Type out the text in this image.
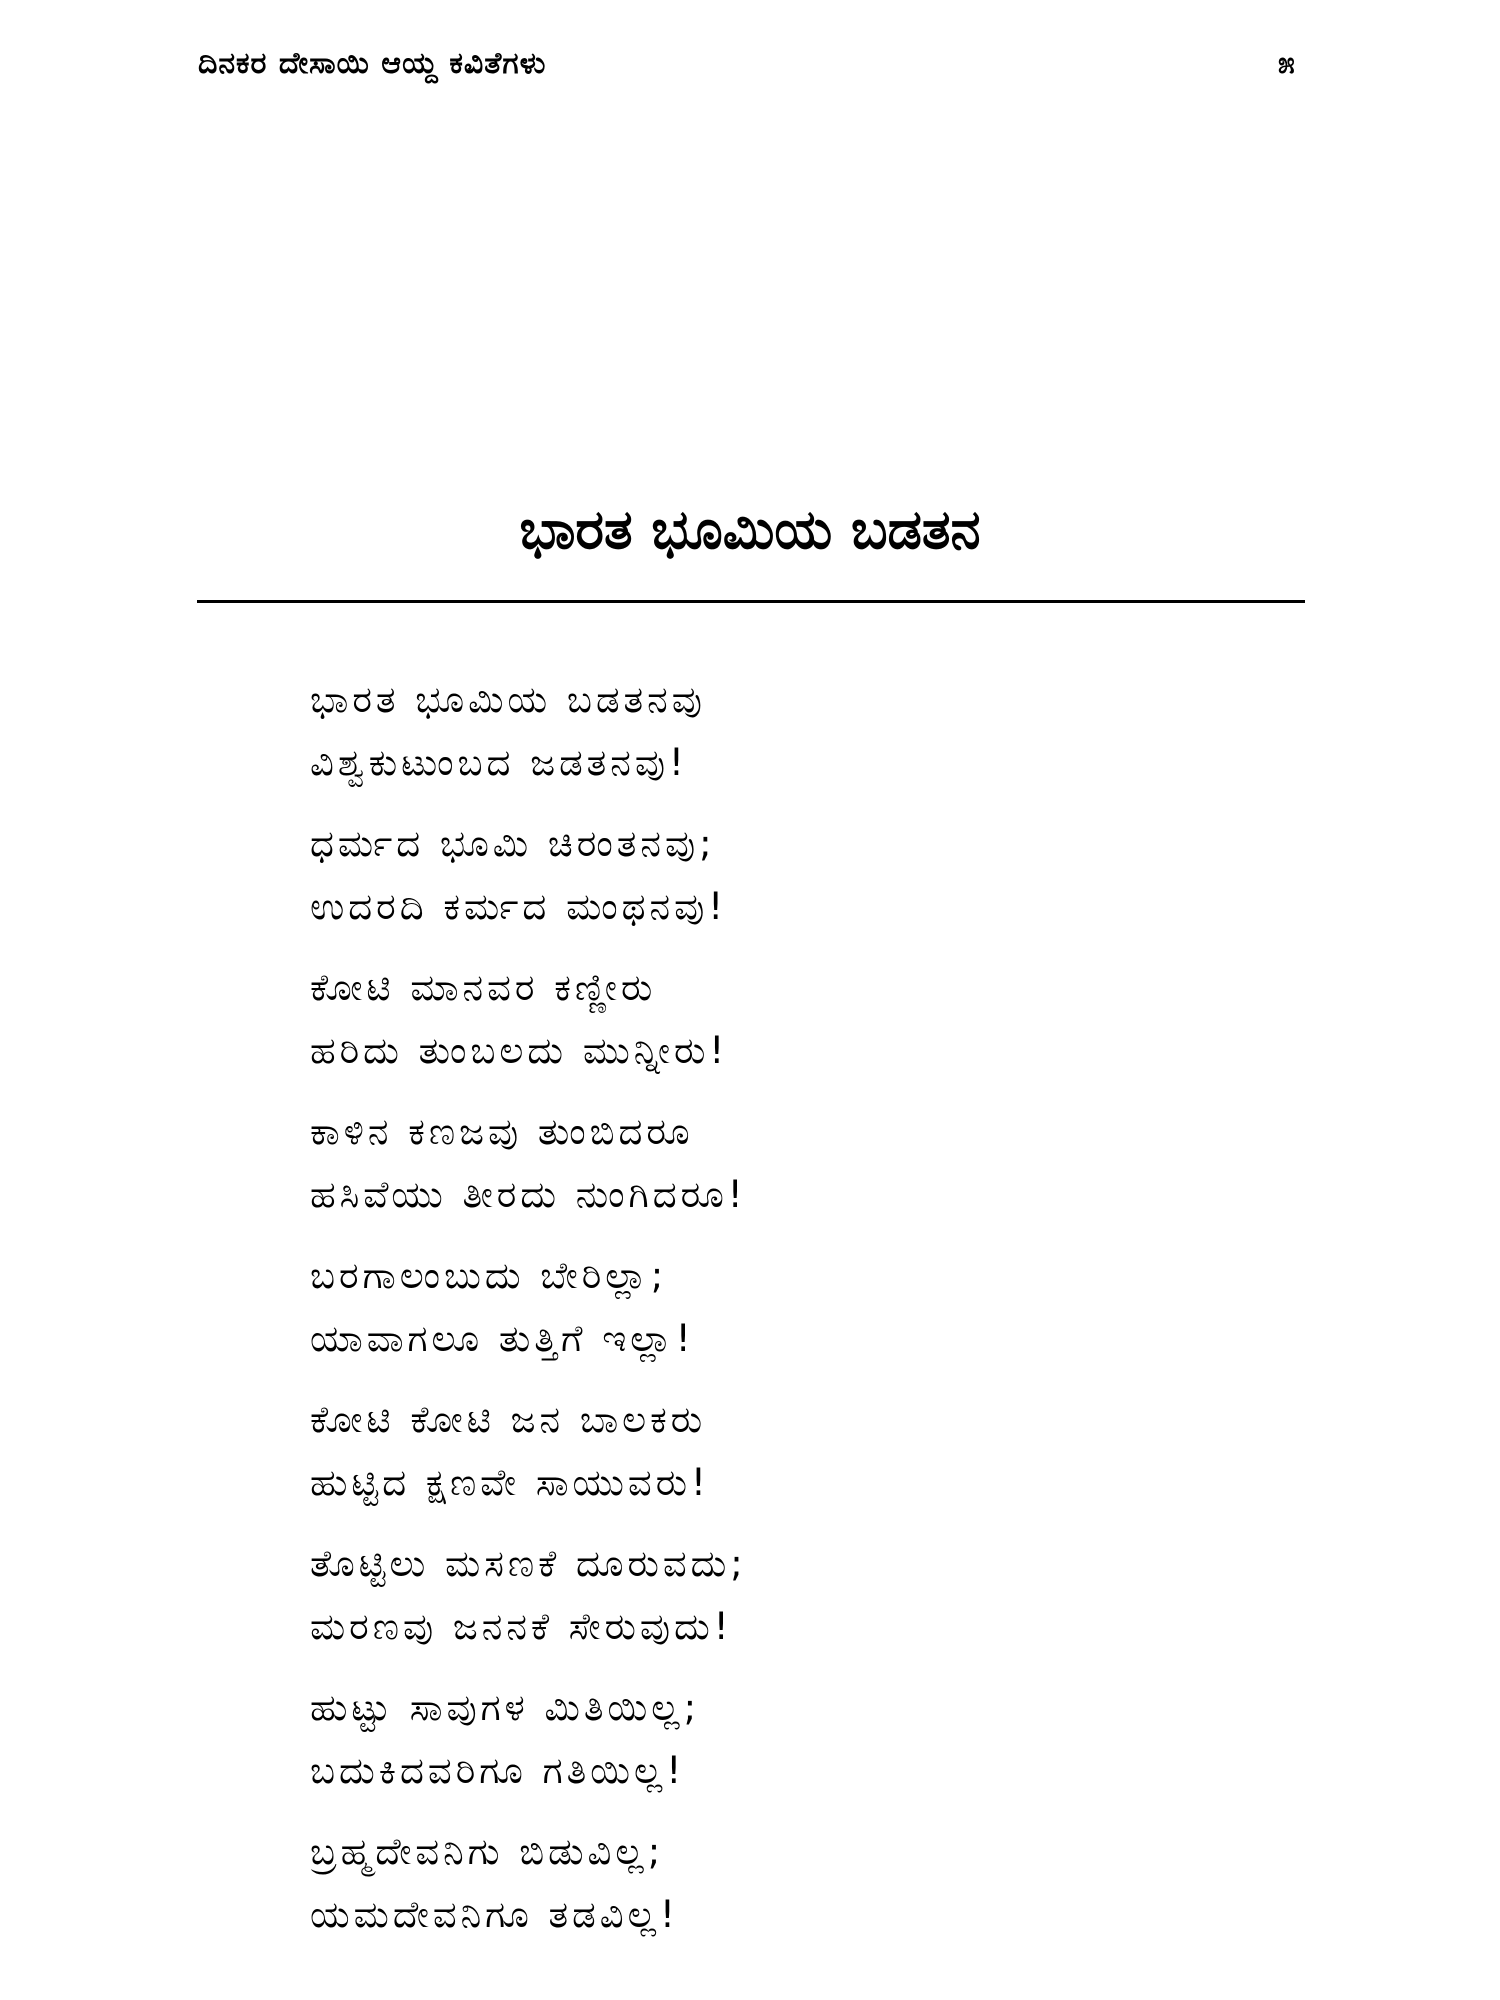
ದಿನಕರ ದೇಸಾಯಿ ಆಯ್ದ ಕವಿತೆಗಳು	೫
ಭಾರತ ಭೂಮಿಯ ಬಡತನ
ಭಾರತ ಭೂಮಿಯ ಬಡತನವು
ವಿಶ್ವಕುಟುಂಬದ ಜಡತನವು!
ಧರ್ಮದ ಭೂಮಿ ಚಿರಂತನವು;
ಉದರದಿ ಕರ್ಮದ ಮಂಥನವು!
ಕೋಟಿ ಮಾನವರ ಕಣ್ಣೀರು
ಹರಿದು ತುಂಬಲದು ಮುನ್ನೀರು!
ಕಾಳಿನ ಕಣಜವು ತುಂಬಿದರೂ
ಹಸಿವೆಯು ತೀರದು ನುಂಗಿದರೂ!
ಬರಗಾಲಂಬುದು ಬೇರಿಲ್ಲಾ;
ಯಾವಾಗಲೂ ತುತ್ತಿಗೆ ಇಲ್ಲಾ!
ಕೋಟಿ ಕೋಟಿ ಜನ ಬಾಲಕರು
ಹುಟ್ಟಿದ ಕ್ಷಣವೇ ಸಾಯುವರು!
ತೊಟ್ಟಿಲು ಮಸಣಕೆ ದೂರುವದು;
ಮರಣವು ಜನನಕೆ ಸೇರುವುದು!
ಹುಟ್ಟು ಸಾವುಗಳ ಮಿತಿಯಿಲ್ಲ;
ಬದುಕಿದವರಿಗೂ ಗತಿಯಿಲ್ಲ!
ಬ್ರಹ್ಮದೇವನಿಗು ಬಿಡುವಿಲ್ಲ;
ಯಮದೇವನಿಗೂ ತಡವಿಲ್ಲ!
